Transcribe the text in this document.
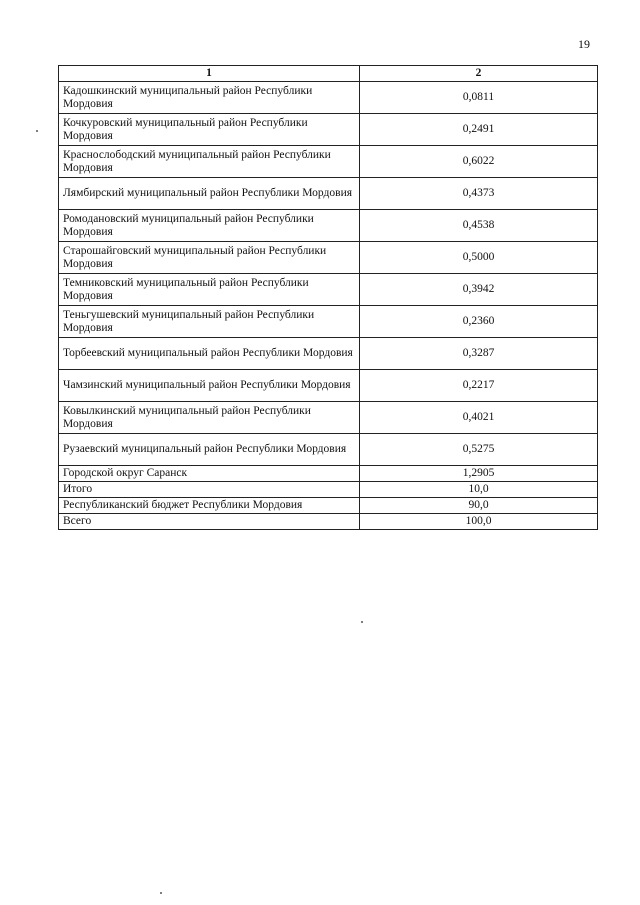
19
1	2
Кадошкинский муниципальный район Республики Мордовия	0,0811
Кочкуровский муниципальный район Республики Мордовия	0,2491
Краснослободский муниципальный район Республики Мордовия	0,6022
Лямбирский муниципальный район Республики Мордовия	0,4373
Ромодановский муниципальный район Республики Мордовия	0,4538
Старошайговский муниципальный район Республики Мордовия	0,5000
Темниковский муниципальный район Республики Мордовия	0,3942
Теньгушевский муниципальный район Республики Мордовия	0,2360
Торбеевский муниципальный район Республики Мордовия	0,3287
Чамзинский муниципальный район Республики Мордовия	0,2217
Ковылкинский муниципальный район Республики Мордовия	0,4021
Рузаевский муниципальный район Республики Мордовия	0,5275
Городской округ Саранск	1,2905
Итого	10,0
Республиканский бюджет Республики Мордовия	90,0
Всего	100,0
